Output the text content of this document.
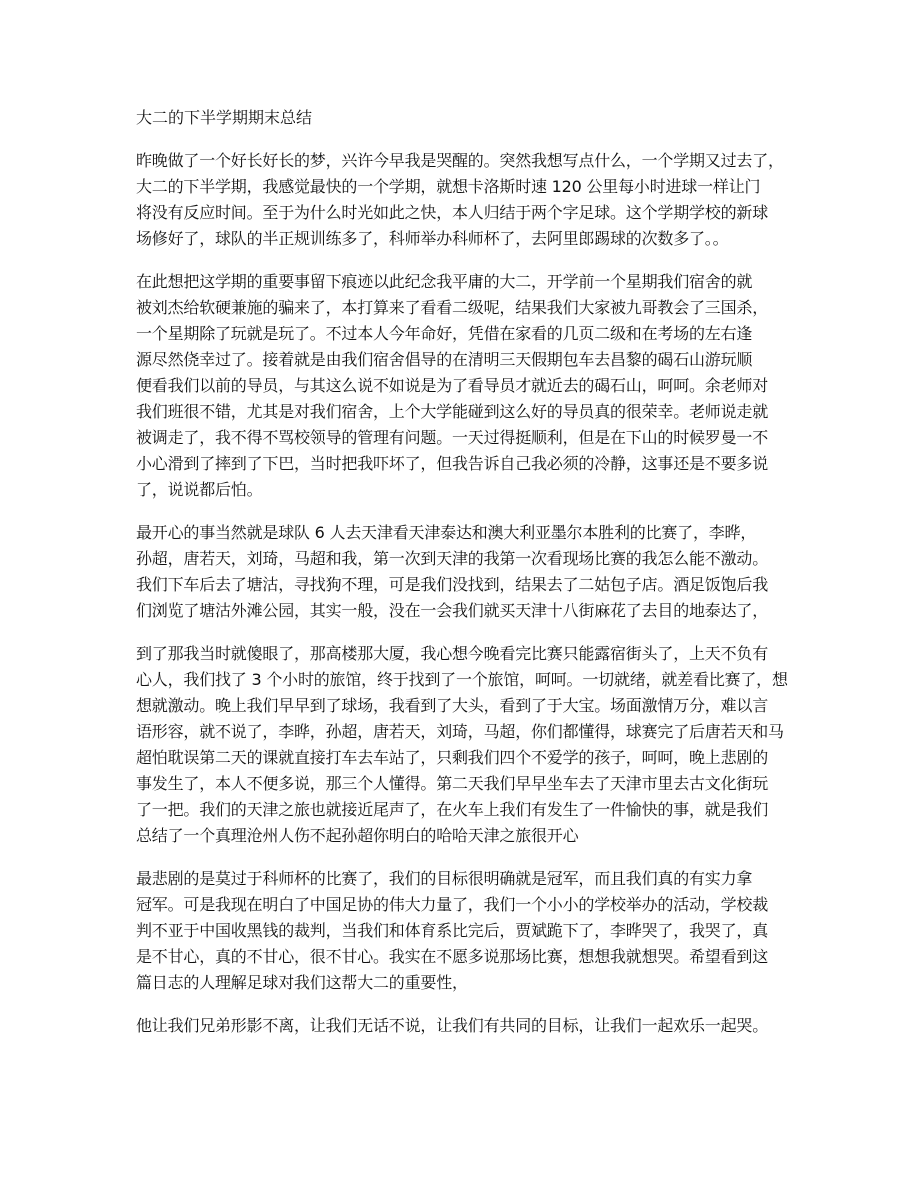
大二的下半学期期末总结

昨晚做了一个好长好长的梦，兴许今早我是哭醒的。突然我想写点什么，一个学期又过去了，
大二的下半学期，我感觉最快的一个学期，就想卡洛斯时速 120 公里每小时进球一样让门
将没有反应时间。至于为什么时光如此之快，本人归结于两个字足球。这个学期学校的新球
场修好了，球队的半正规训练多了，科师举办科师杯了，去阿里郎踢球的次数多了。。

在此想把这学期的重要事留下痕迹以此纪念我平庸的大二，开学前一个星期我们宿舍的就
被刘杰给软硬兼施的骗来了，本打算来了看看二级呢，结果我们大家被九哥教会了三国杀，
一个星期除了玩就是玩了。不过本人今年命好，凭借在家看的几页二级和在考场的左右逢
源尽然侥幸过了。接着就是由我们宿舍倡导的在清明三天假期包车去昌黎的碣石山游玩顺
便看我们以前的导员，与其这么说不如说是为了看导员才就近去的碣石山，呵呵。余老师对
我们班很不错，尤其是对我们宿舍，上个大学能碰到这么好的导员真的很荣幸。老师说走就
被调走了，我不得不骂校领导的管理有问题。一天过得挺顺利，但是在下山的时候罗曼一不
小心滑到了摔到了下巴，当时把我吓坏了，但我告诉自己我必须的冷静，这事还是不要多说
了，说说都后怕。

最开心的事当然就是球队 6 人去天津看天津泰达和澳大利亚墨尔本胜利的比赛了，李晔，
孙超，唐若天，刘琦，马超和我，第一次到天津的我第一次看现场比赛的我怎么能不激动。
我们下车后去了塘沽，寻找狗不理，可是我们没找到，结果去了二姑包子店。酒足饭饱后我
们浏览了塘沽外滩公园，其实一般，没在一会我们就买天津十八街麻花了去目的地泰达了，

到了那我当时就傻眼了，那高楼那大厦，我心想今晚看完比赛只能露宿街头了，上天不负有
心人，我们找了 3 个小时的旅馆，终于找到了一个旅馆，呵呵。一切就绪，就差看比赛了，想
想就激动。晚上我们早早到了球场，我看到了大头，看到了于大宝。场面激情万分，难以言
语形容，就不说了，李晔，孙超，唐若天，刘琦，马超，你们都懂得，球赛完了后唐若天和马
超怕耽误第二天的课就直接打车去车站了，只剩我们四个不爱学的孩子，呵呵，晚上悲剧的
事发生了，本人不便多说，那三个人懂得。第二天我们早早坐车去了天津市里去古文化街玩
了一把。我们的天津之旅也就接近尾声了，在火车上我们有发生了一件愉快的事，就是我们
总结了一个真理沧州人伤不起孙超你明白的哈哈天津之旅很开心

最悲剧的是莫过于科师杯的比赛了，我们的目标很明确就是冠军，而且我们真的有实力拿
冠军。可是我现在明白了中国足协的伟大力量了，我们一个小小的学校举办的活动，学校裁
判不亚于中国收黑钱的裁判，当我们和体育系比完后，贾斌跪下了，李晔哭了，我哭了，真
是不甘心，真的不甘心，很不甘心。我实在不愿多说那场比赛，想想我就想哭。希望看到这
篇日志的人理解足球对我们这帮大二的重要性，

他让我们兄弟形影不离，让我们无话不说，让我们有共同的目标，让我们一起欢乐一起哭。
